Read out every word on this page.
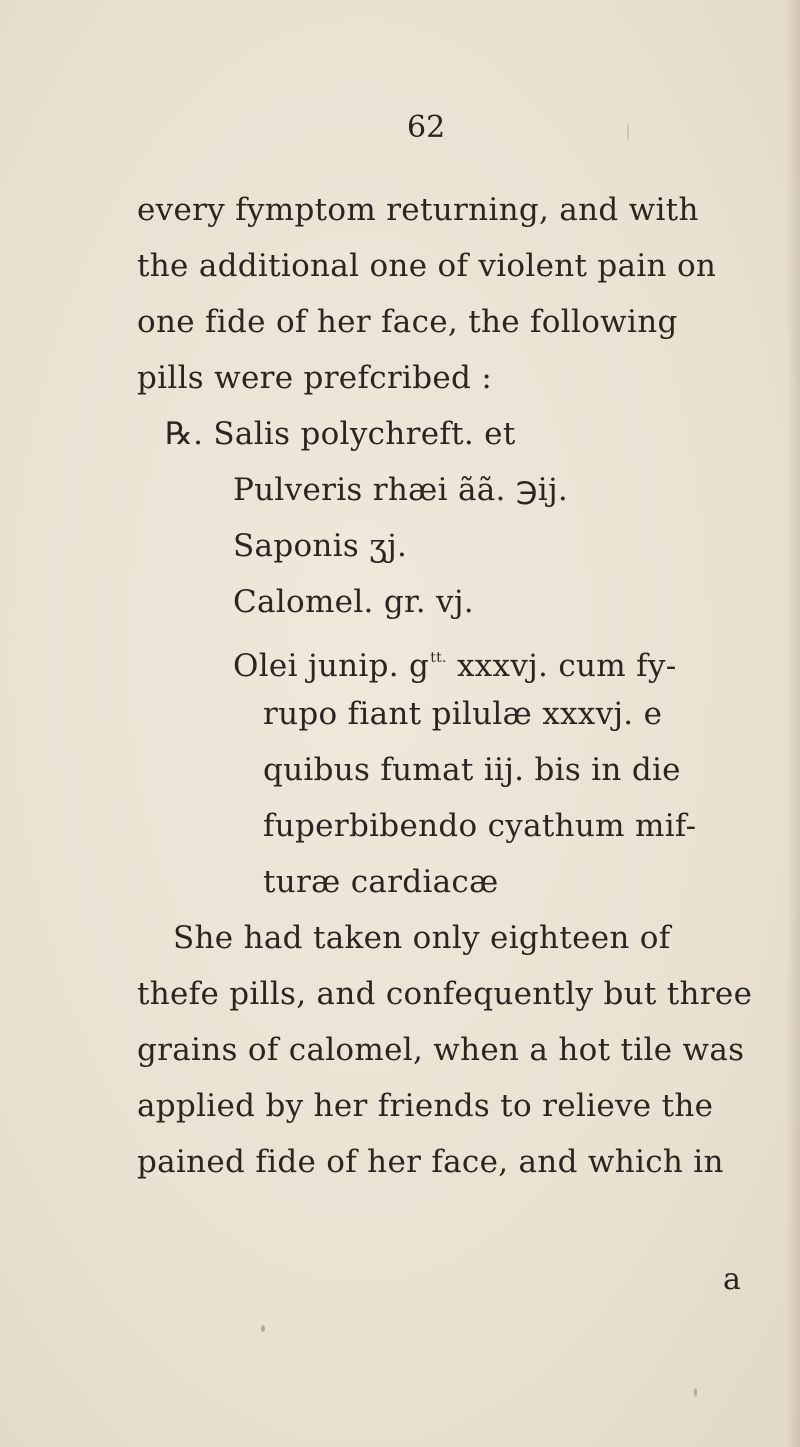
62
every fymptom returning, and with
the additional one of violent pain on
one fide of her face, the following
pills were prefcribed :
℞. Salis polychreft. et
Pulveris rhæi ãã. ℈ij.
Saponis ʒj.
Calomel. gr. vj.
Olei junip. $g^{tt.}$ xxxvj. cum fy-
rupo fiant pilulæ xxxvj. e
quibus fumat iij. bis in die
fuperbibendo cyathum mif-
turæ cardiacæ
She had taken only eighteen of
thefe pills, and confequently but three
grains of calomel, when a hot tile was
applied by her friends to relieve the
pained fide of her face, and which in
a
